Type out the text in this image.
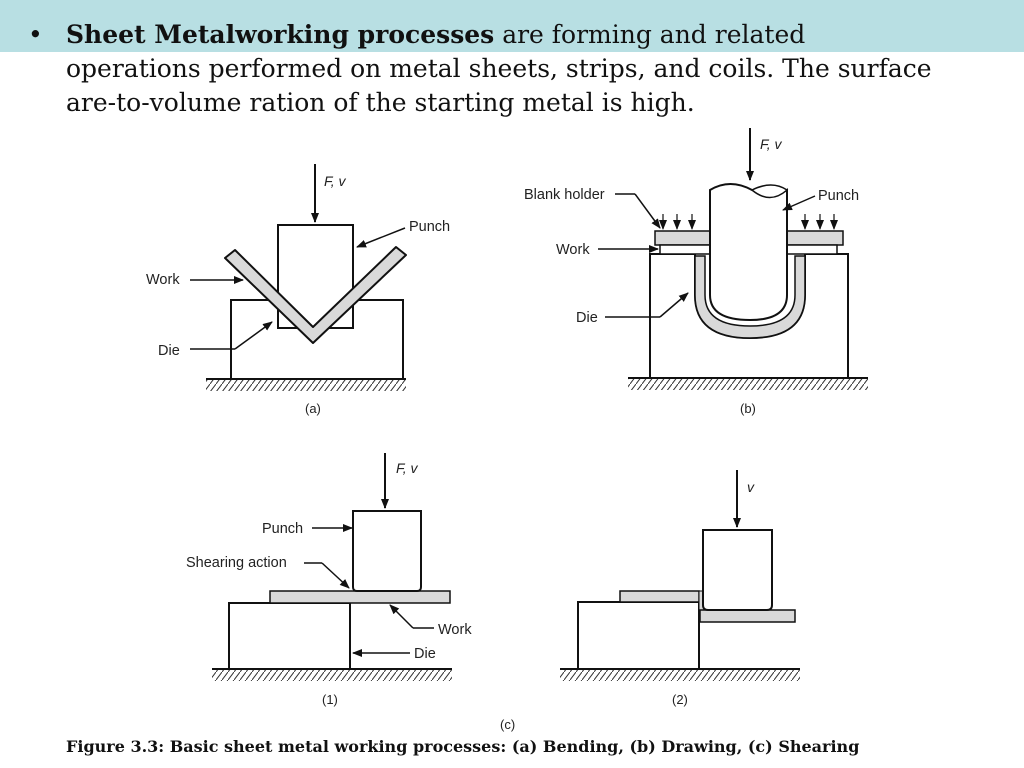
• Sheet Metalworking processes are forming and related operations performed on metal sheets, strips, and coils. The surface are-to-volume ration of the starting metal is high.
F, v
Punch
Work
Die
(a)
F, v
Blank holder	Punch
Work
Die
(b)
F, v
Punch
Shearing action
Work
Die
(1)
v
(2)
(c)
Figure 3.3: Basic sheet metal working processes: (a) Bending, (b) Drawing, (c) Shearing
